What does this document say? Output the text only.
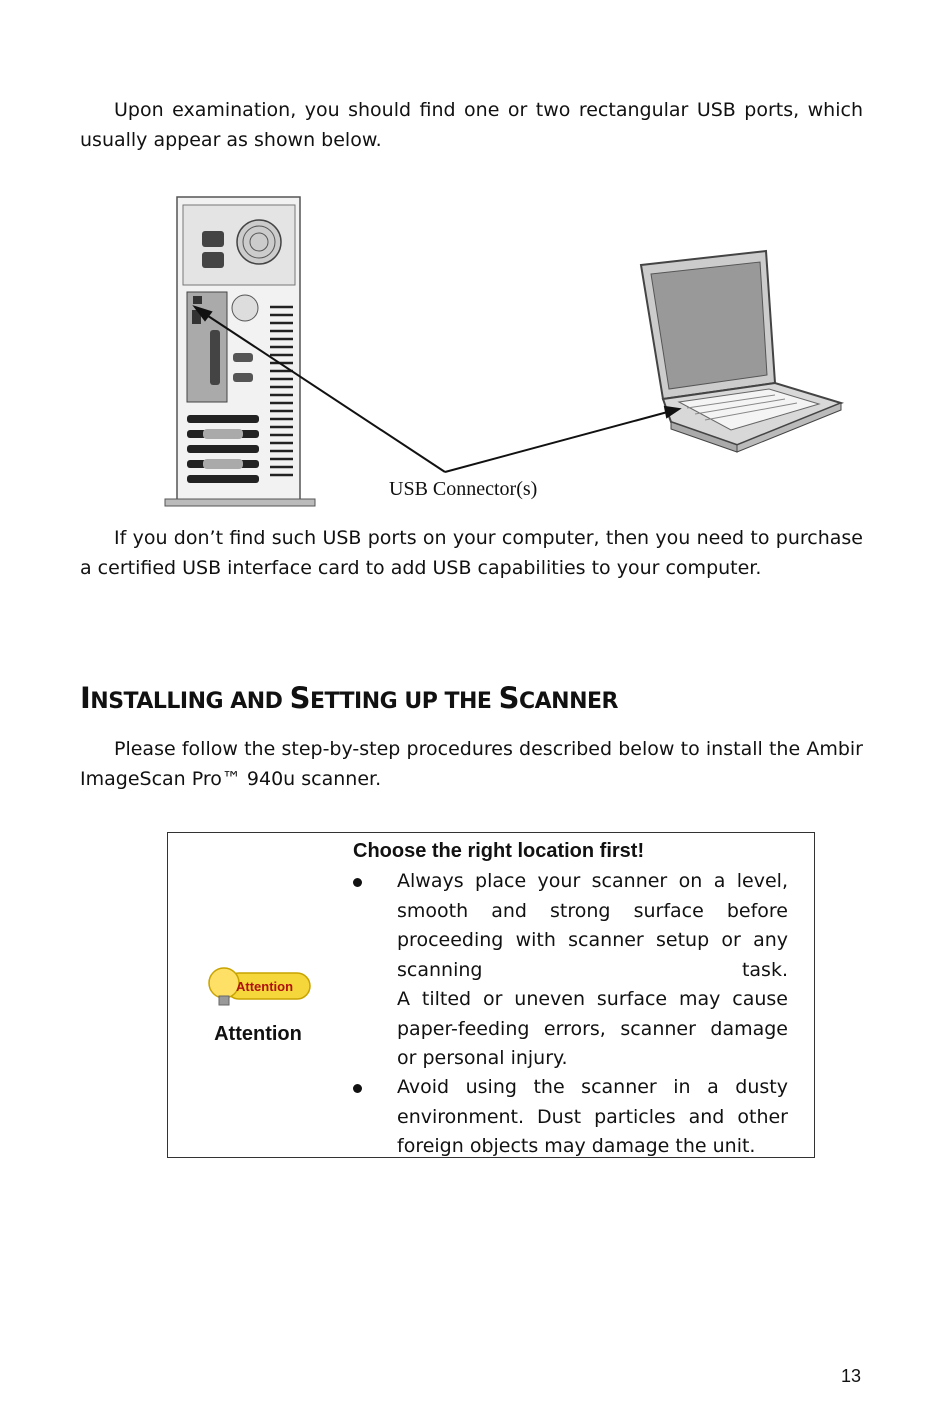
Upon examination, you should find one or two rectangular USB ports, which usually appear as shown below.
USB Connector(s)
If you don’t find such USB ports on your computer, then you need to purchase a certified USB interface card to add USB capabilities to your computer.
INSTALLING AND SETTING UP THE SCANNER
Please follow the step-by-step procedures described below to install the Ambir ImageScan Pro™ 940u scanner.
Attention
Attention
Choose the right location first!
Always place your scanner on a level, smooth and strong surface before proceeding with scanner setup or any scanning task.
A tilted or uneven surface may cause paper-feeding errors, scanner damage or personal injury.
Avoid using the scanner in a dusty environment. Dust particles and other
foreign objects may damage the unit.
13
